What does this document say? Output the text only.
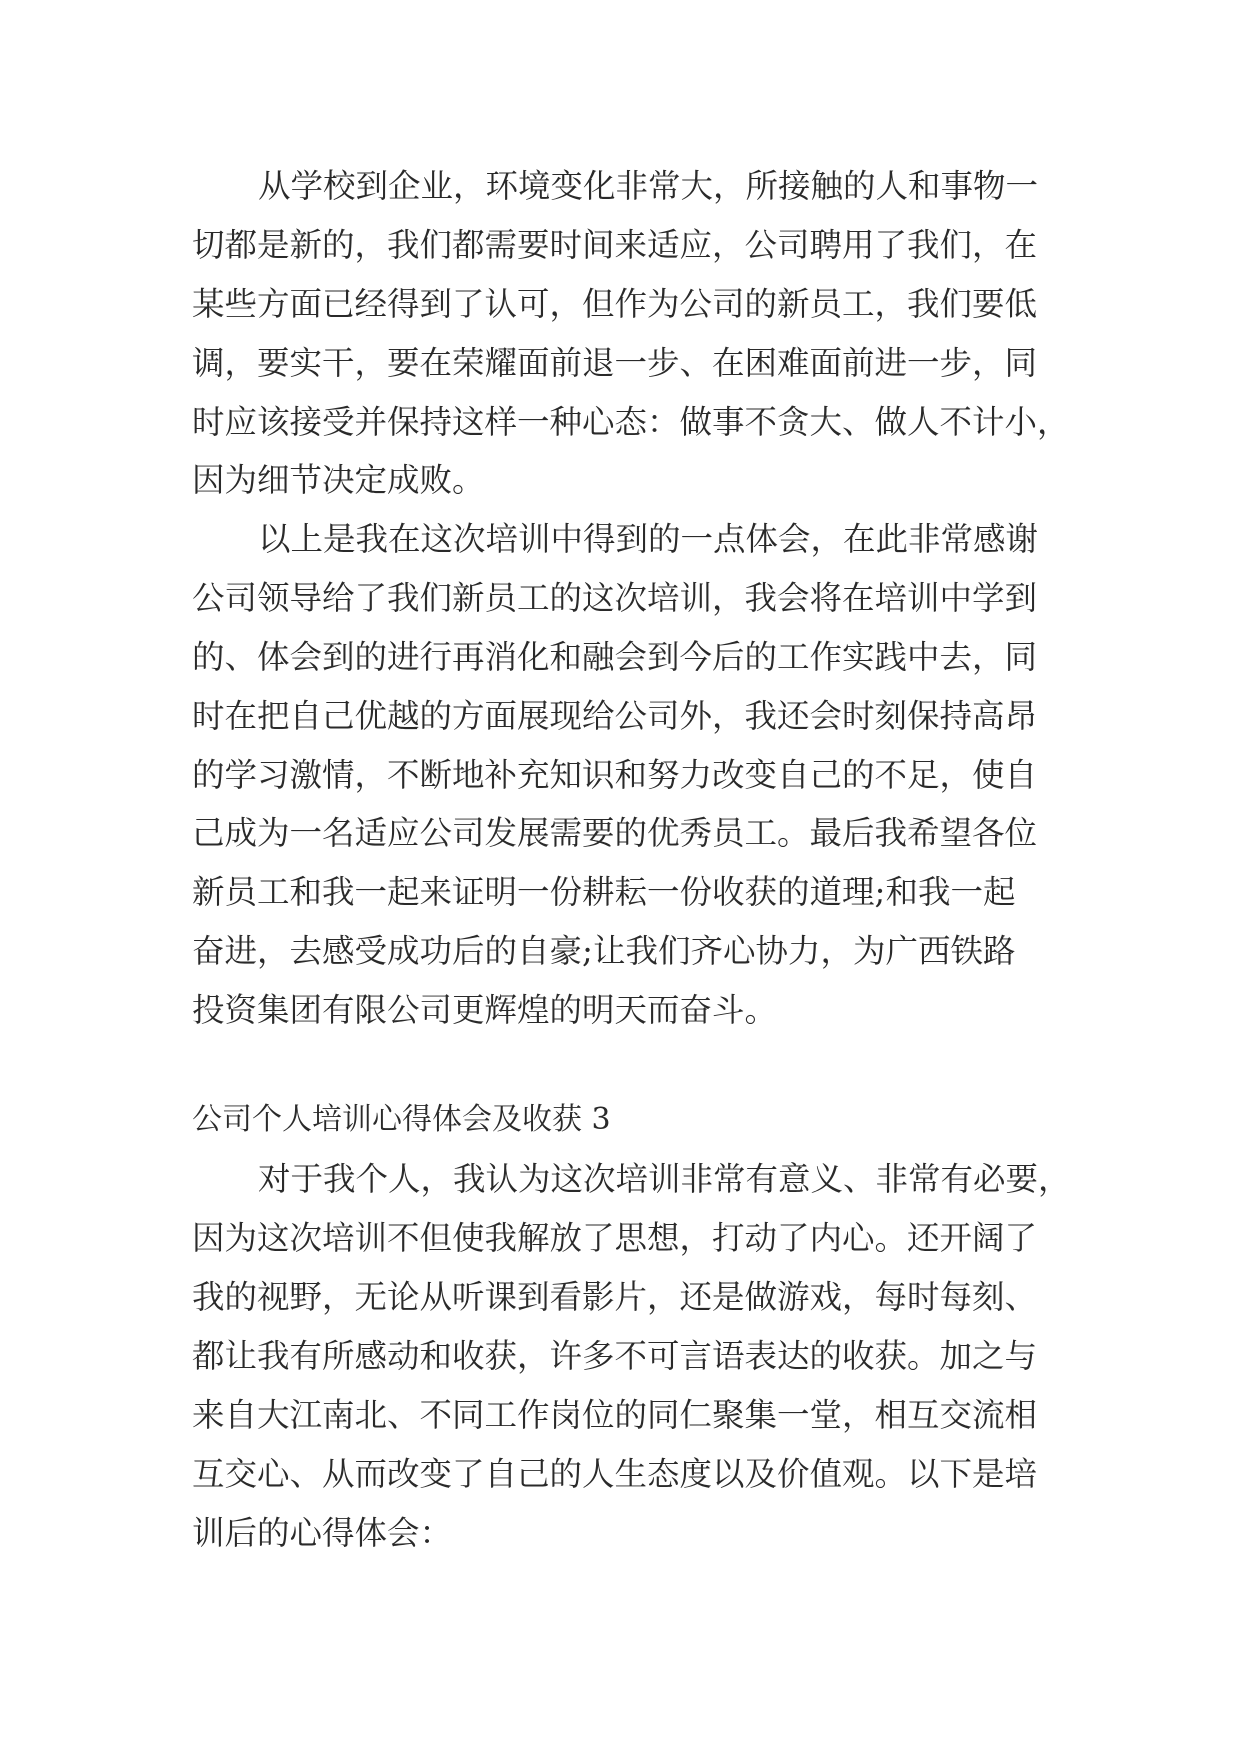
从学校到企业，环境变化非常大，所接触的人和事物一
切都是新的，我们都需要时间来适应，公司聘用了我们，在
某些方面已经得到了认可，但作为公司的新员工，我们要低
调，要实干，要在荣耀面前退一步、在困难面前进一步，同
时应该接受并保持这样一种心态：做事不贪大、做人不计小，
因为细节决定成败。
以上是我在这次培训中得到的一点体会，在此非常感谢
公司领导给了我们新员工的这次培训，我会将在培训中学到
的、体会到的进行再消化和融会到今后的工作实践中去，同
时在把自己优越的方面展现给公司外，我还会时刻保持高昂
的学习激情，不断地补充知识和努力改变自己的不足，使自
己成为一名适应公司发展需要的优秀员工。最后我希望各位
新员工和我一起来证明一份耕耘一份收获的道理;和我一起
奋进，去感受成功后的自豪;让我们齐心协力，为广西铁路
投资集团有限公司更辉煌的明天而奋斗。
公司个人培训心得体会及收获 3
对于我个人，我认为这次培训非常有意义、非常有必要，
因为这次培训不但使我解放了思想，打动了内心。还开阔了
我的视野，无论从听课到看影片，还是做游戏，每时每刻、
都让我有所感动和收获，许多不可言语表达的收获。加之与
来自大江南北、不同工作岗位的同仁聚集一堂，相互交流相
互交心、从而改变了自己的人生态度以及价值观。以下是培
训后的心得体会：
